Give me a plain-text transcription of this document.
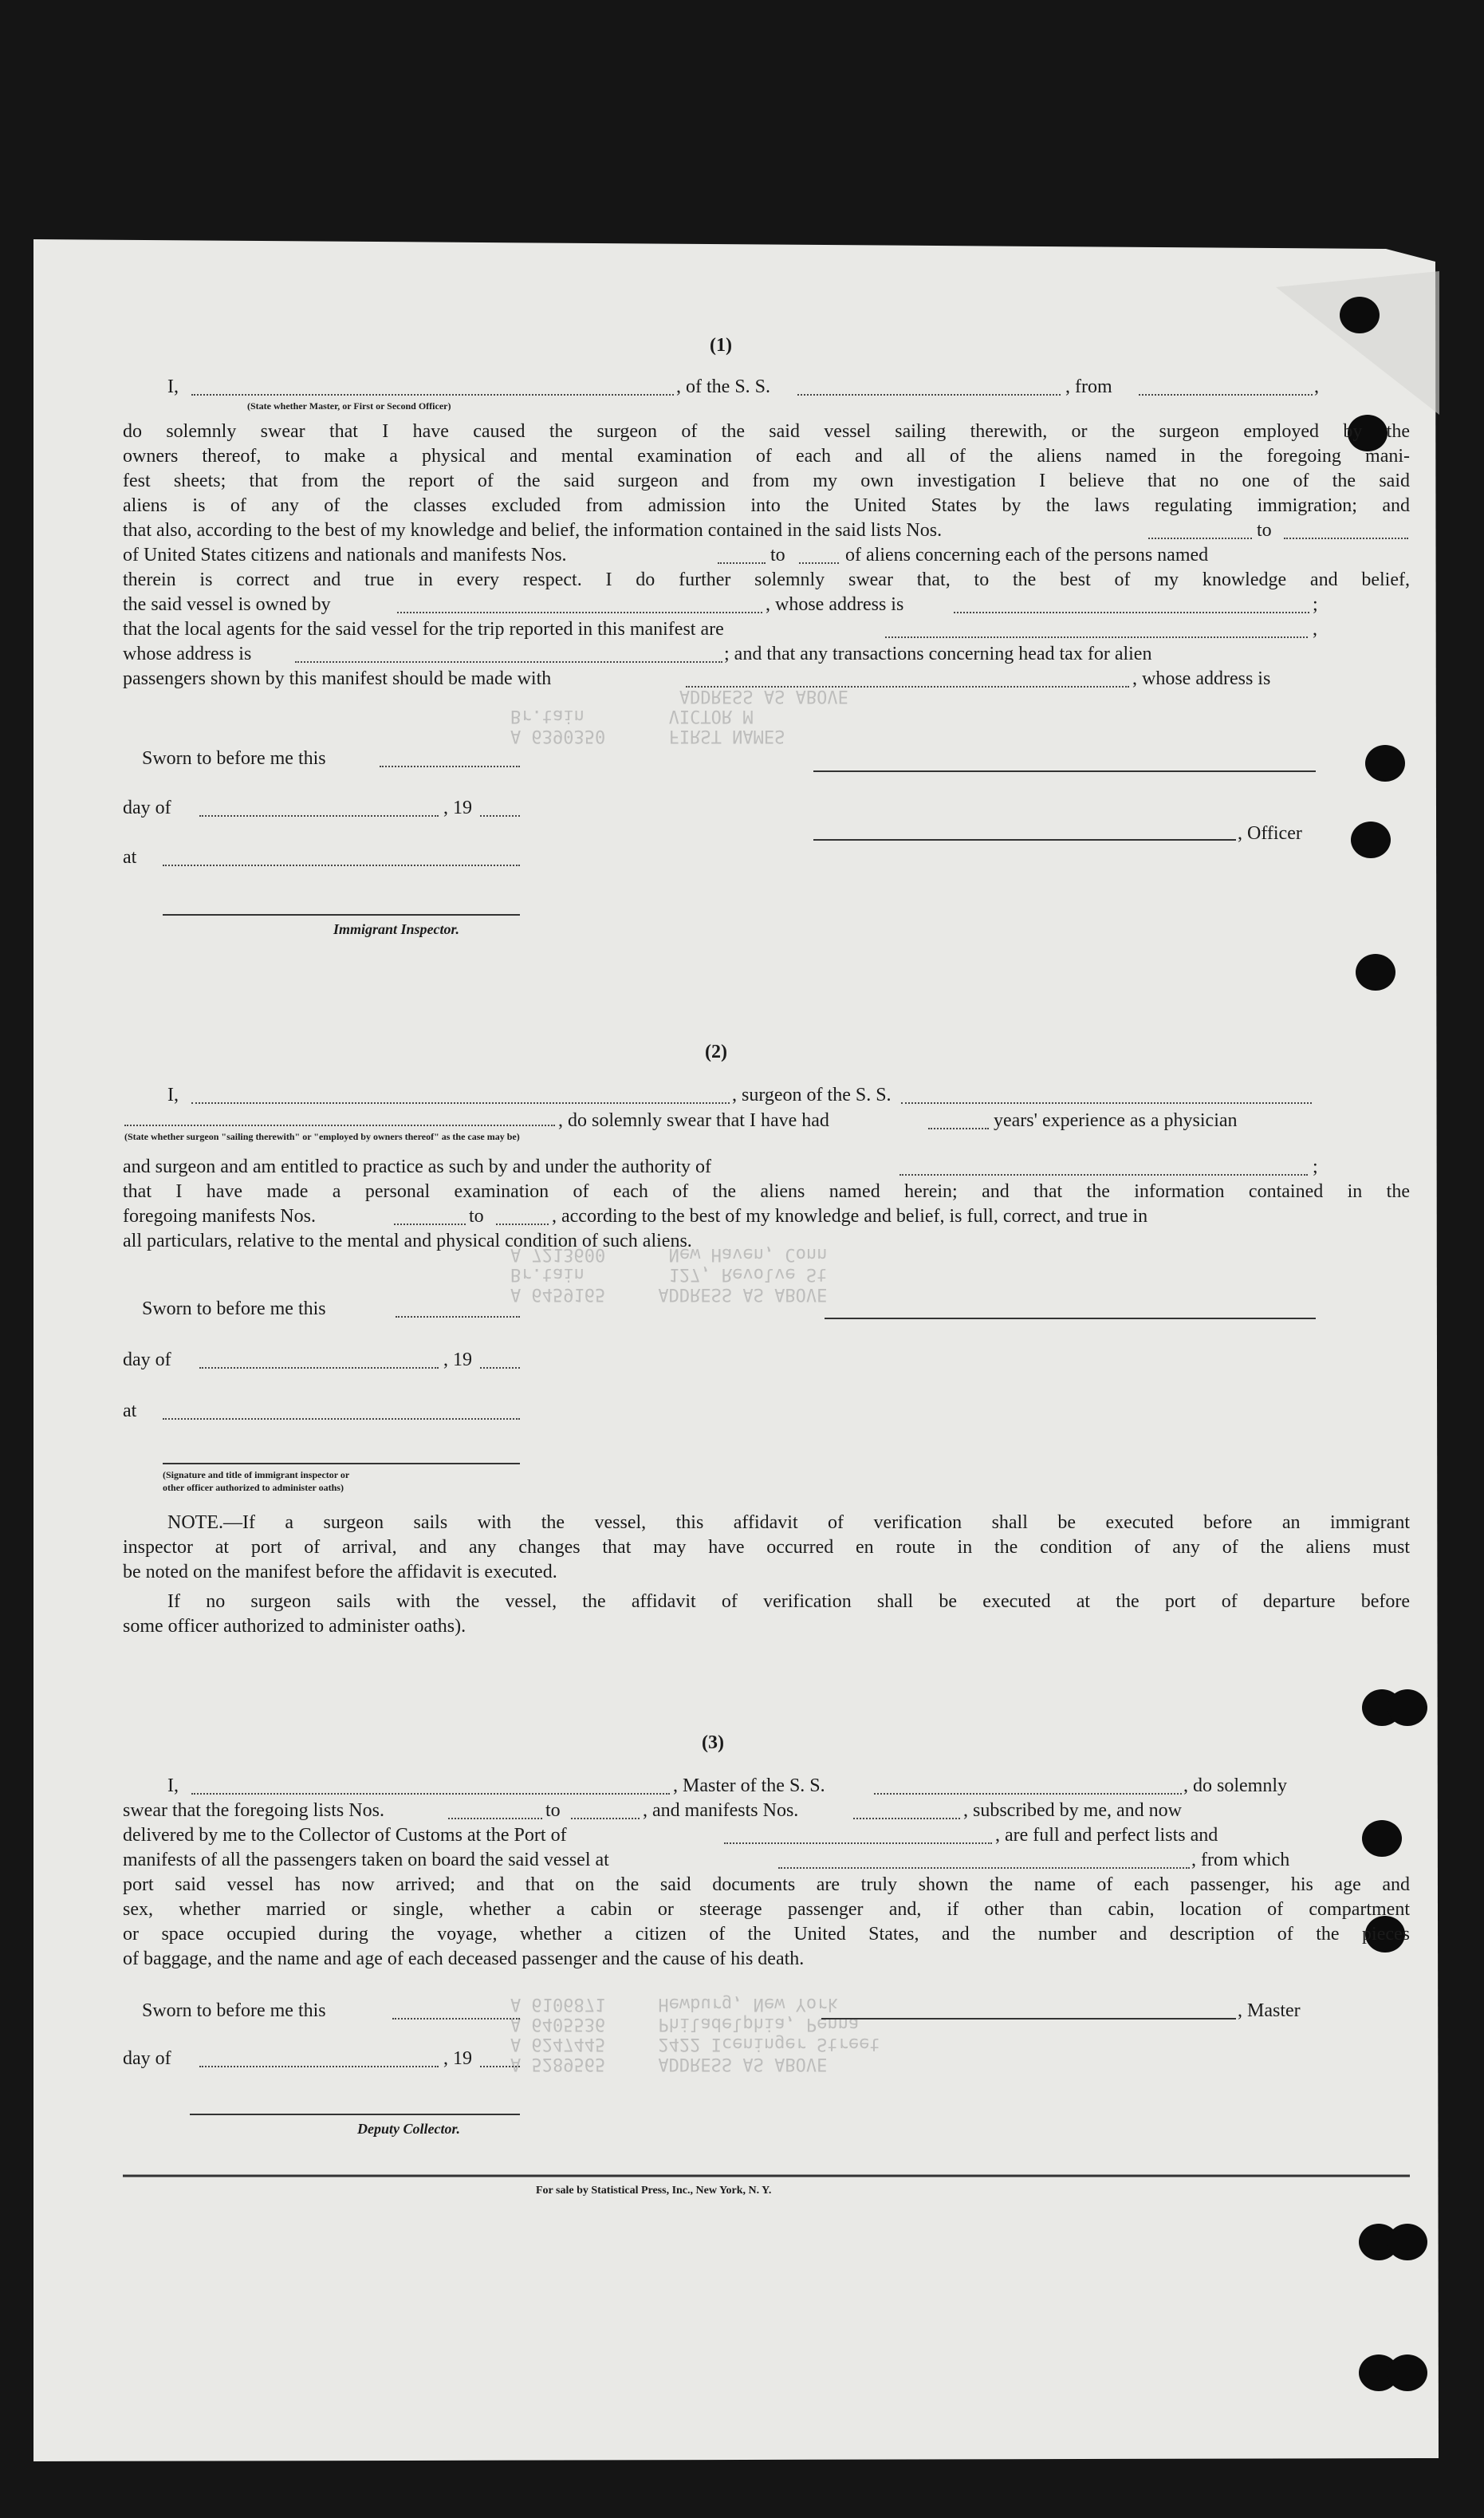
A 6390350      FIRST NAMES
Br.tain        VICTOR M
ADDRESS AS ABOVE
A 6459165     ADDRESS AS ABOVE
Br.tain        127, Revolve St
A 7213600      New Haven, Conn
A 5289565     ADDRESS AS ABOVE
A 6247445     2422 Iceninger Street
A 6405536     Philadelphia, Penna
A 6106871     Hewburg, New York
(1)
I,	, of the S. S.	, from	,
(State whether Master, or First or Second Officer)
do solemnly swear that I have caused the surgeon of the said vessel sailing therewith, or the surgeon employed by the
owners thereof, to make a physical and mental examination of each and all of the aliens named in the foregoing mani-
fest sheets; that from the report of the said surgeon and from my own investigation I believe that no one of the said
aliens is of any of the classes excluded from admission into the United States by the laws regulating immigration; and
that also, according to the best of my knowledge and belief, the information contained in the said lists Nos.	to
of United States citizens and nationals and manifests Nos.	to	of aliens concerning each of the persons named
therein is correct and true in every respect. I do further solemnly swear that, to the best of my knowledge and belief,
the said vessel is owned by	, whose address is	;
that the local agents for the said vessel for the trip reported in this manifest are	,
whose address is	; and that any transactions concerning head tax for alien
passengers shown by this manifest should be made with	, whose address is
Sworn to before me this
day of	, 19
, Officer
at
Immigrant Inspector.
(2)
I,	, surgeon of the S. S.
(State whether surgeon "sailing therewith" or "employed by owners thereof" as the case may be)
, do solemnly swear that I have had	years' experience as a physician
and surgeon and am entitled to practice as such by and under the authority of	;
that I have made a personal examination of each of the aliens named herein; and that the information contained in the
foregoing manifests Nos.	to	, according to the best of my knowledge and belief, is full, correct, and true in
all particulars, relative to the mental and physical condition of such aliens.
Sworn to before me this
day of	, 19
at
(Signature and title of immigrant inspector or
other officer authorized to administer oaths)
NOTE.—If a surgeon sails with the vessel, this affidavit of verification shall be executed before an immigrant
inspector at port of arrival, and any changes that may have occurred en route in the condition of any of the aliens must
be noted on the manifest before the affidavit is executed.
If no surgeon sails with the vessel, the affidavit of verification shall be executed at the port of departure before
some officer authorized to administer oaths).
(3)
I,	, Master of the S. S.	, do solemnly
swear that the foregoing lists Nos.	to	, and manifests Nos.	, subscribed by me, and now
delivered by me to the Collector of Customs at the Port of	, are full and perfect lists and
manifests of all the passengers taken on board the said vessel at	, from which
port said vessel has now arrived; and that on the said documents are truly shown the name of each passenger, his age and
sex, whether married or single, whether a cabin or steerage passenger and, if other than cabin, location of compartment
or space occupied during the voyage, whether a citizen of the United States, and the number and description of the pieces
of baggage, and the name and age of each deceased passenger and the cause of his death.
Sworn to before me this	, Master
day of	, 19
Deputy Collector.
For sale by Statistical Press, Inc., New York, N. Y.
